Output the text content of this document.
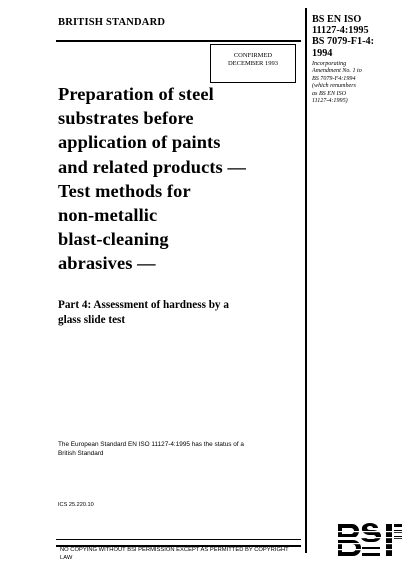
BRITISH STANDARD
CONFIRMED
DECEMBER 1993
Preparation of steel
substrates before
application of paints
and related products —
Test methods for
non-metallic
blast-cleaning
abrasives —
Part 4: Assessment of hardness by a
glass slide test
The European Standard EN ISO 11127-4:1995 has the status of a
British Standard
ICS 25.220.10
NO COPYING WITHOUT BSI PERMISSION EXCEPT AS PERMITTED BY COPYRIGHT LAW
BS EN ISO
11127-4:1995
BS 7079-F1-4:
1994
Incorporating
Amendment No. 1 to
BS 7079-F4:1994
(which renumbers
as BS EN ISO
11127-4:1995)
